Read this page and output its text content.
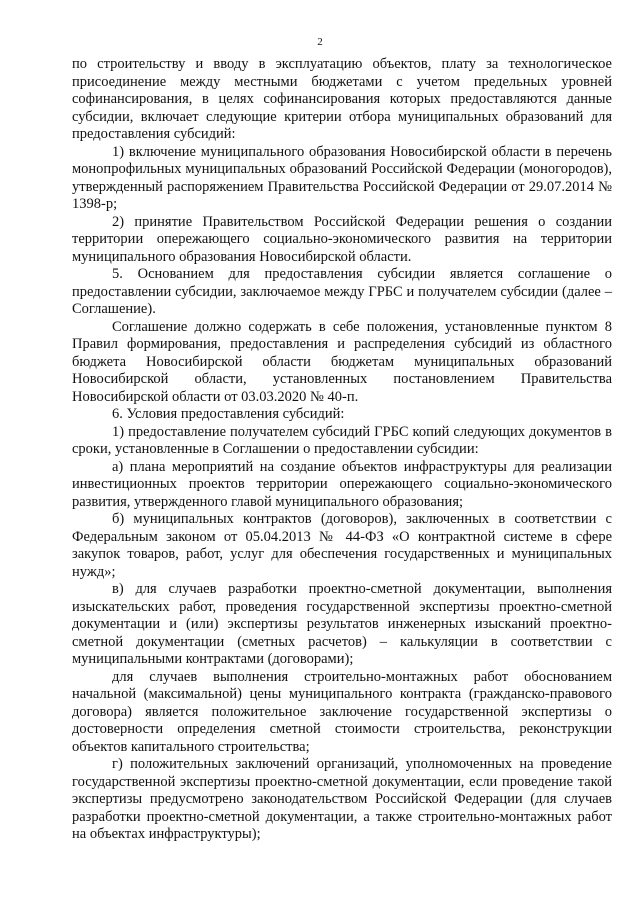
2

по строительству и вводу в эксплуатацию объектов, плату за технологическое присоединение между местными бюджетами с учетом предельных уровней софинансирования, в целях софинансирования которых предоставляются данные субсидии, включает следующие критерии отбора муниципальных образований для предоставления субсидий:

1) включение муниципального образования Новосибирской области в перечень монопрофильных муниципальных образований Российской Федерации (моногородов), утвержденный распоряжением Правительства Российской Федерации от 29.07.2014 № 1398-р;

2) принятие Правительством Российской Федерации решения о создании территории опережающего социально-экономического развития на территории муниципального образования Новосибирской области.

5. Основанием для предоставления субсидии является соглашение о предоставлении субсидии, заключаемое между ГРБС и получателем субсидии (далее – Соглашение).

Соглашение должно содержать в себе положения, установленные пунктом 8 Правил формирования, предоставления и распределения субсидий из областного бюджета Новосибирской области бюджетам муниципальных образований Новосибирской области, установленных постановлением Правительства Новосибирской области от 03.03.2020 № 40-п.

6. Условия предоставления субсидий:

1) предоставление получателем субсидий ГРБС копий следующих документов в сроки, установленные в Соглашении о предоставлении субсидии:

а) плана мероприятий на создание объектов инфраструктуры для реализации инвестиционных проектов территории опережающего социально-экономического развития, утвержденного главой муниципального образования;

б) муниципальных контрактов (договоров), заключенных в соответствии с Федеральным законом от 05.04.2013 № 44-ФЗ «О контрактной системе в сфере закупок товаров, работ, услуг для обеспечения государственных и муниципальных нужд»;

в) для случаев разработки проектно-сметной документации, выполнения изыскательских работ, проведения государственной экспертизы проектно-сметной документации и (или) экспертизы результатов инженерных изысканий проектно-сметной документации (сметных расчетов) – калькуляции в соответствии с муниципальными контрактами (договорами);

для случаев выполнения строительно-монтажных работ обоснованием начальной (максимальной) цены муниципального контракта (гражданско-правового договора) является положительное заключение государственной экспертизы о достоверности определения сметной стоимости строительства, реконструкции объектов капитального строительства;

г) положительных заключений организаций, уполномоченных на проведение государственной экспертизы проектно-сметной документации, если проведение такой экспертизы предусмотрено законодательством Российской Федерации (для случаев разработки проектно-сметной документации, а также строительно-монтажных работ на объектах инфраструктуры);
